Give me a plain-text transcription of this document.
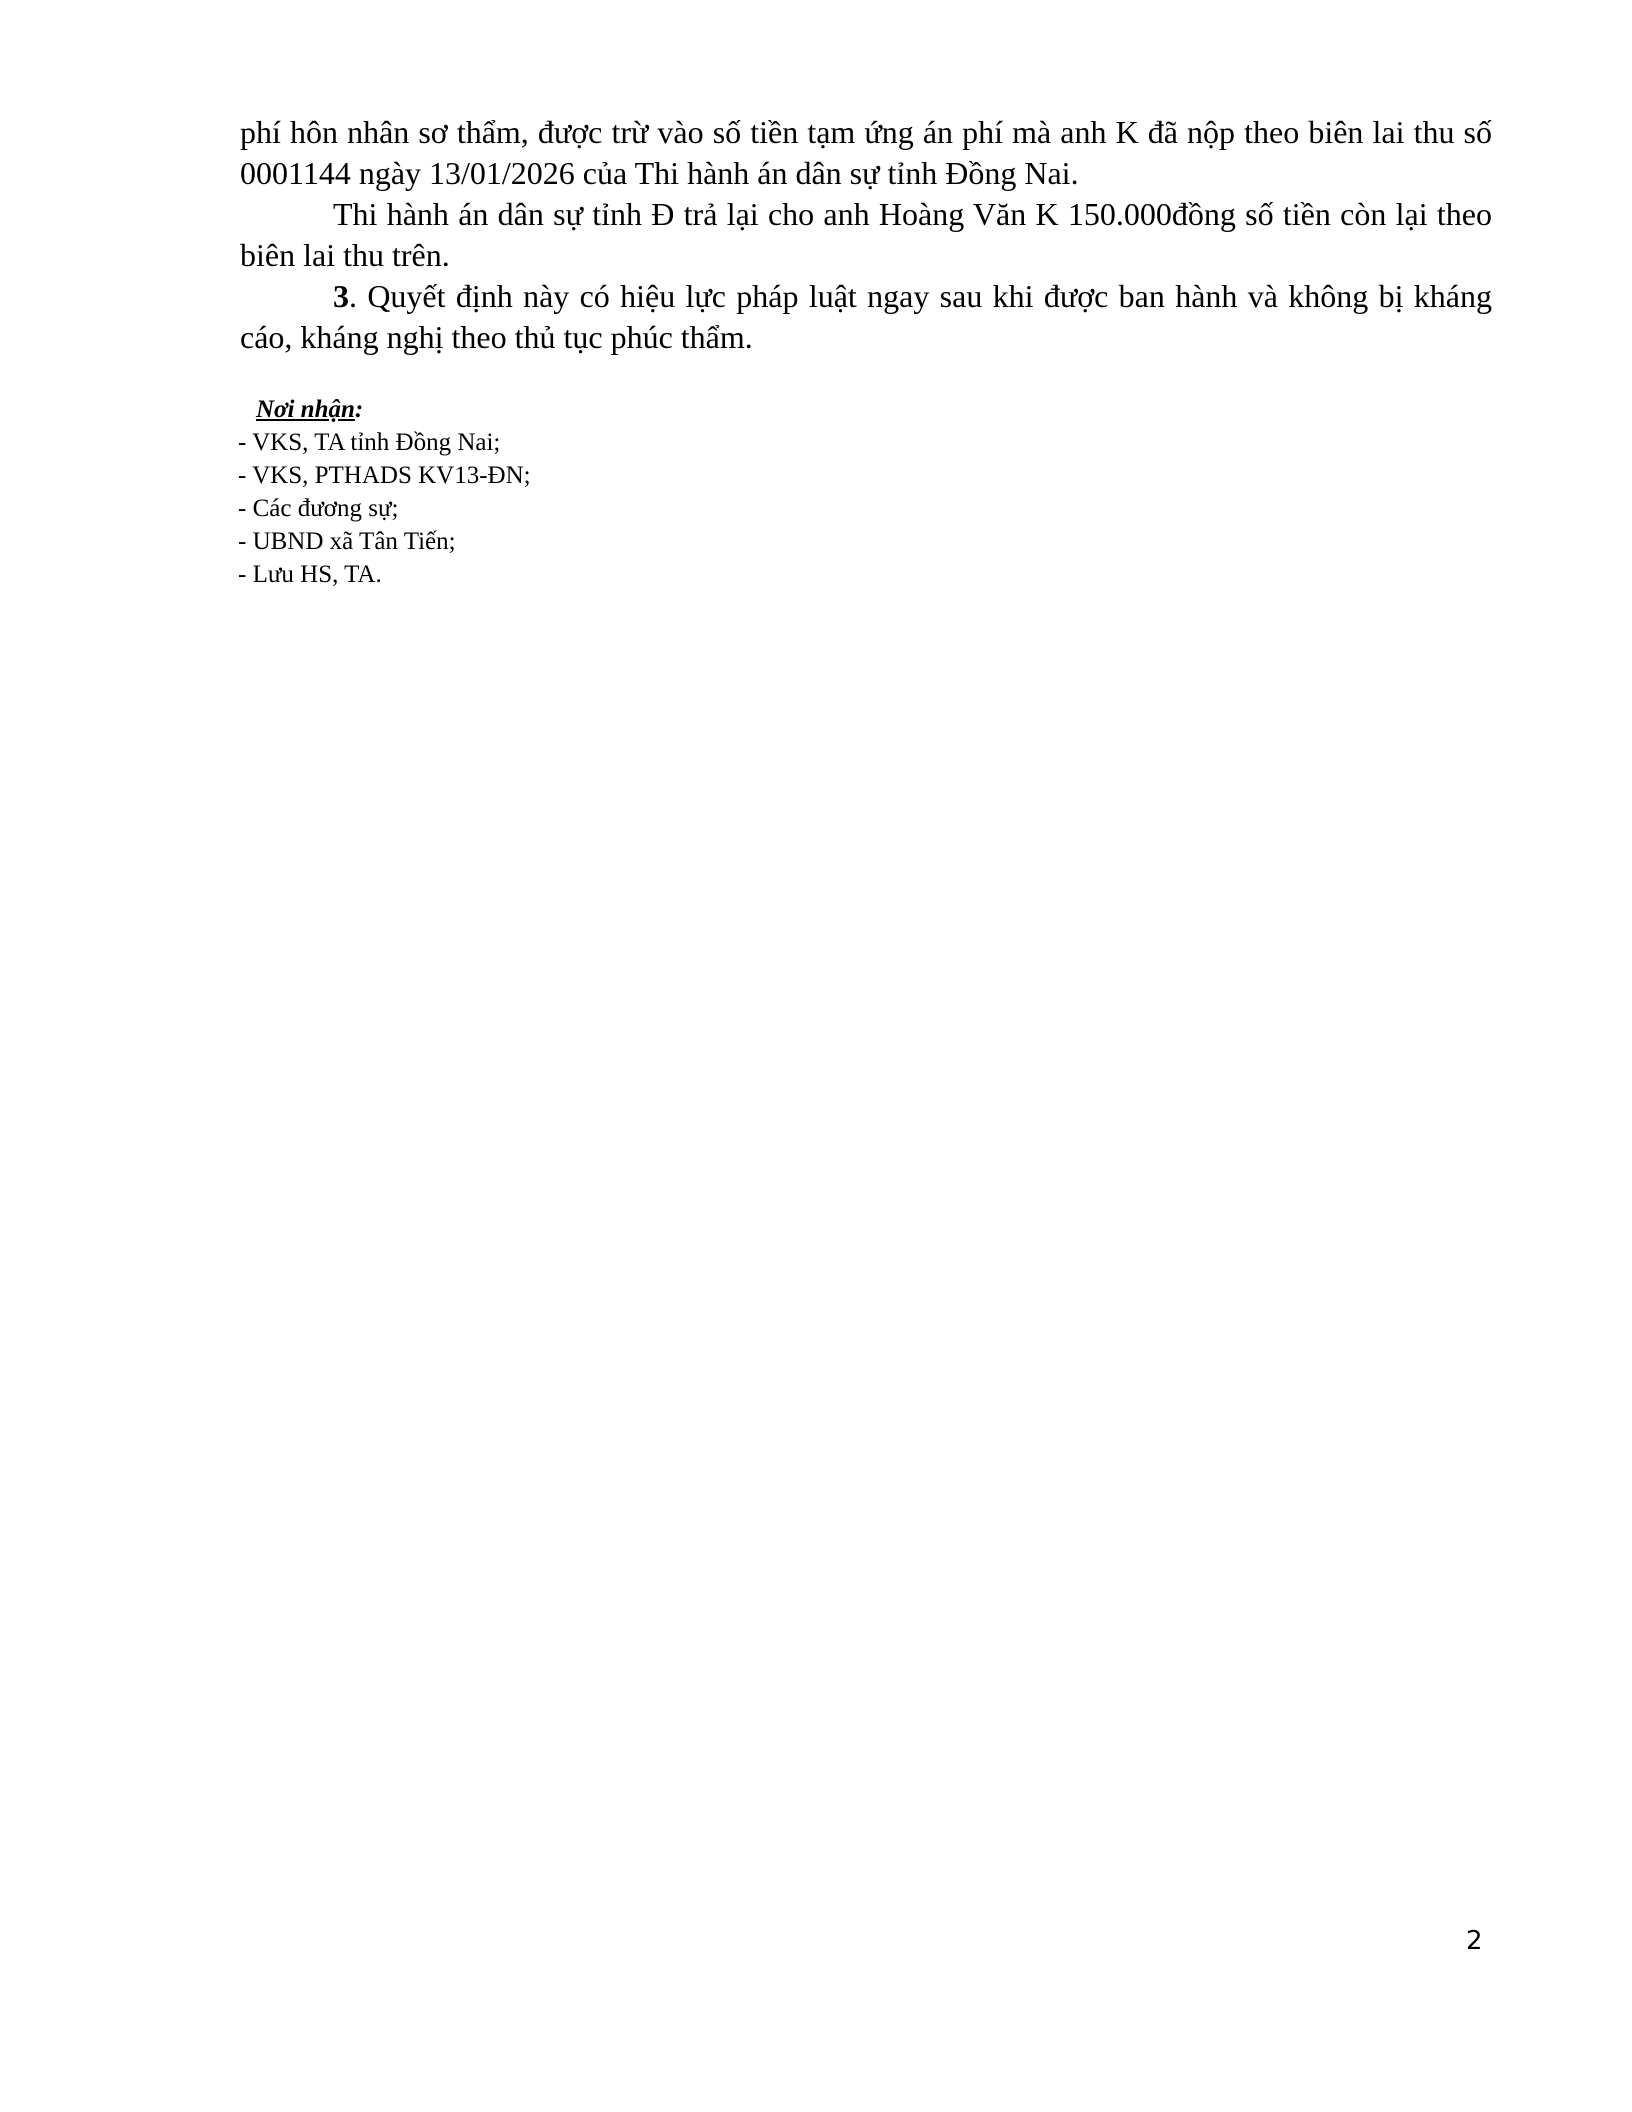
phí hôn nhân sơ thẩm, được trừ vào số tiền tạm ứng án phí mà anh K đã nộp theo biên lai thu số 0001144 ngày 13/01/2026 của Thi hành án dân sự tỉnh Đồng Nai.

Thi hành án dân sự tỉnh Đ trả lại cho anh Hoàng Văn K 150.000đồng số tiền còn lại theo biên lai thu trên.

3. Quyết định này có hiệu lực pháp luật ngay sau khi được ban hành và không bị kháng cáo, kháng nghị theo thủ tục phúc thẩm.

Nơi nhận:
- VKS, TA tỉnh Đồng Nai;
- VKS, PTHADS KV13-ĐN;
- Các đương sự;
- UBND xã Tân Tiến;
- Lưu HS, TA.
2
